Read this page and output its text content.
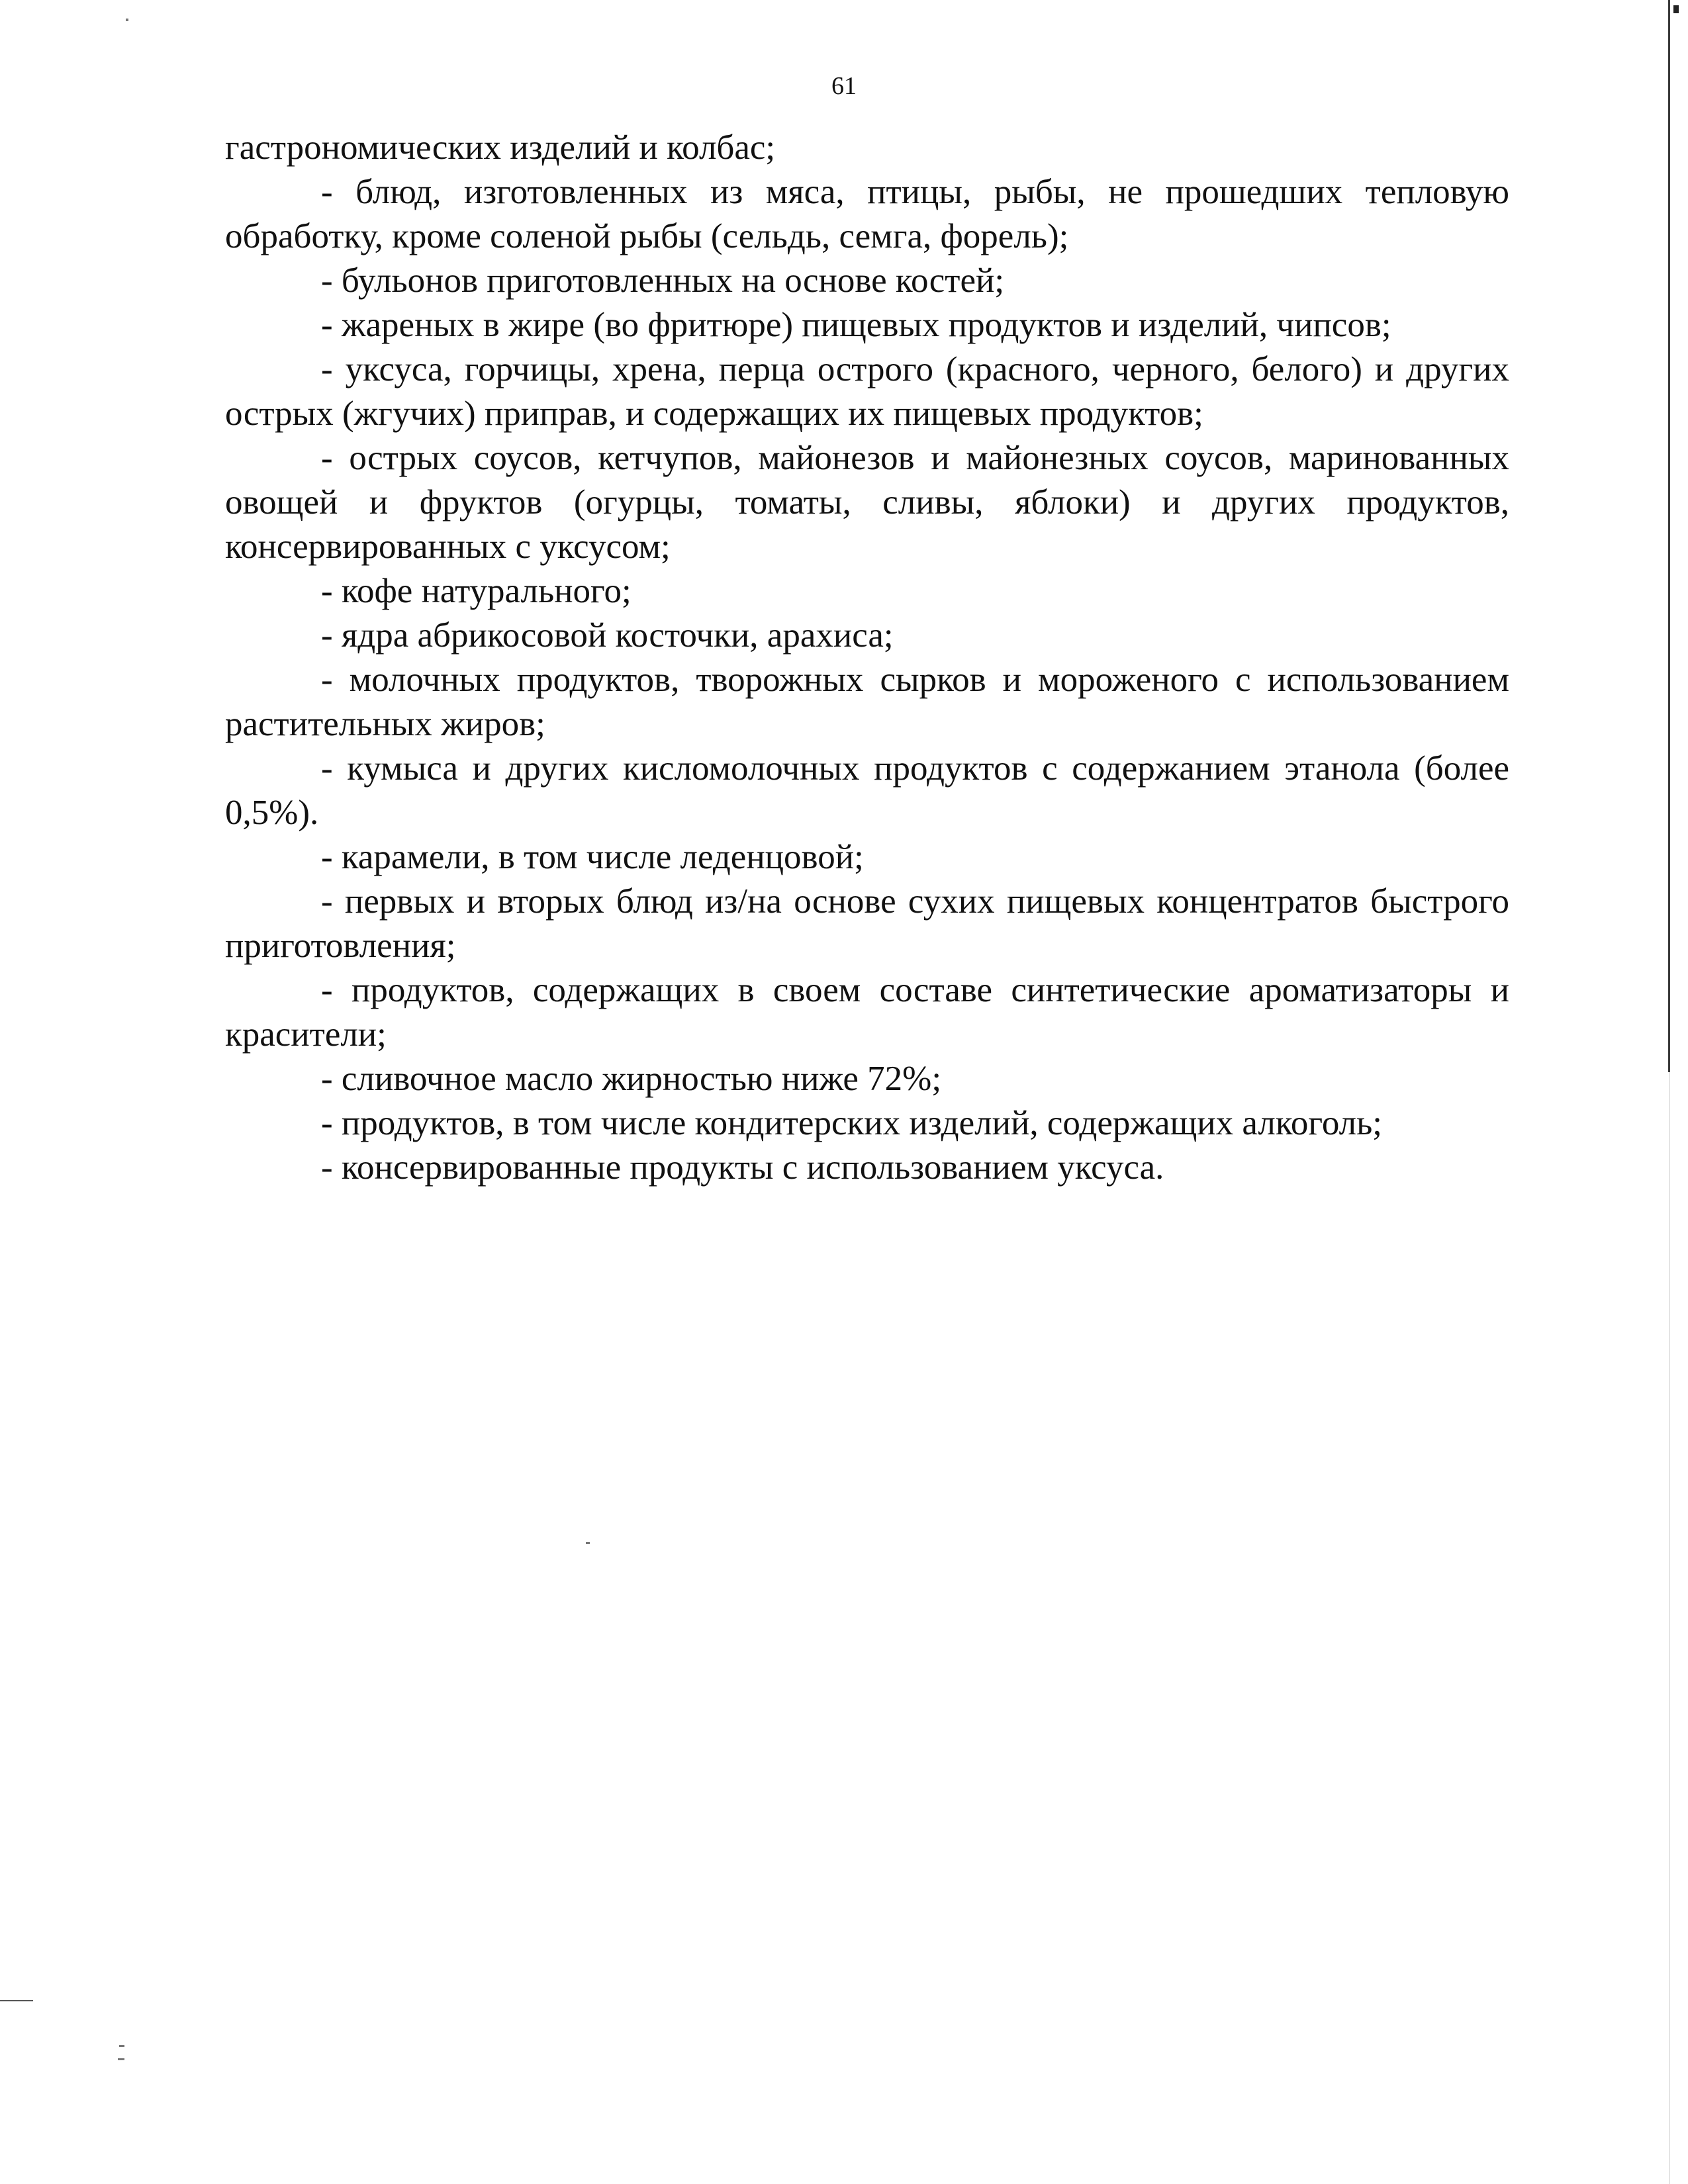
61

гастрономических изделий и колбас;

- блюд, изготовленных из мяса, птицы, рыбы, не прошедших тепловую обработку, кроме соленой рыбы (сельдь, семга, форель);

- бульонов приготовленных на основе костей;

- жареных в жире (во фритюре) пищевых продуктов и изделий, чипсов;

- уксуса, горчицы, хрена, перца острого (красного, черного, белого) и других острых (жгучих) приправ, и содержащих их пищевых продуктов;

- острых соусов, кетчупов, майонезов и майонезных соусов, маринованных овощей и фруктов (огурцы, томаты, сливы, яблоки) и других продуктов, консервированных с уксусом;

- кофе натурального;

- ядра абрикосовой косточки, арахиса;

- молочных продуктов, творожных сырков и мороженого с использованием растительных жиров;

- кумыса и других кисломолочных продуктов с содержанием этанола (более 0,5%).

- карамели, в том числе леденцовой;

- первых и вторых блюд из/на основе сухих пищевых концентратов быстрого приготовления;

- продуктов, содержащих в своем составе синтетические ароматизаторы и красители;

- сливочное масло жирностью ниже 72%;

- продуктов, в том числе кондитерских изделий, содержащих алкоголь;

- консервированные продукты с использованием уксуса.
